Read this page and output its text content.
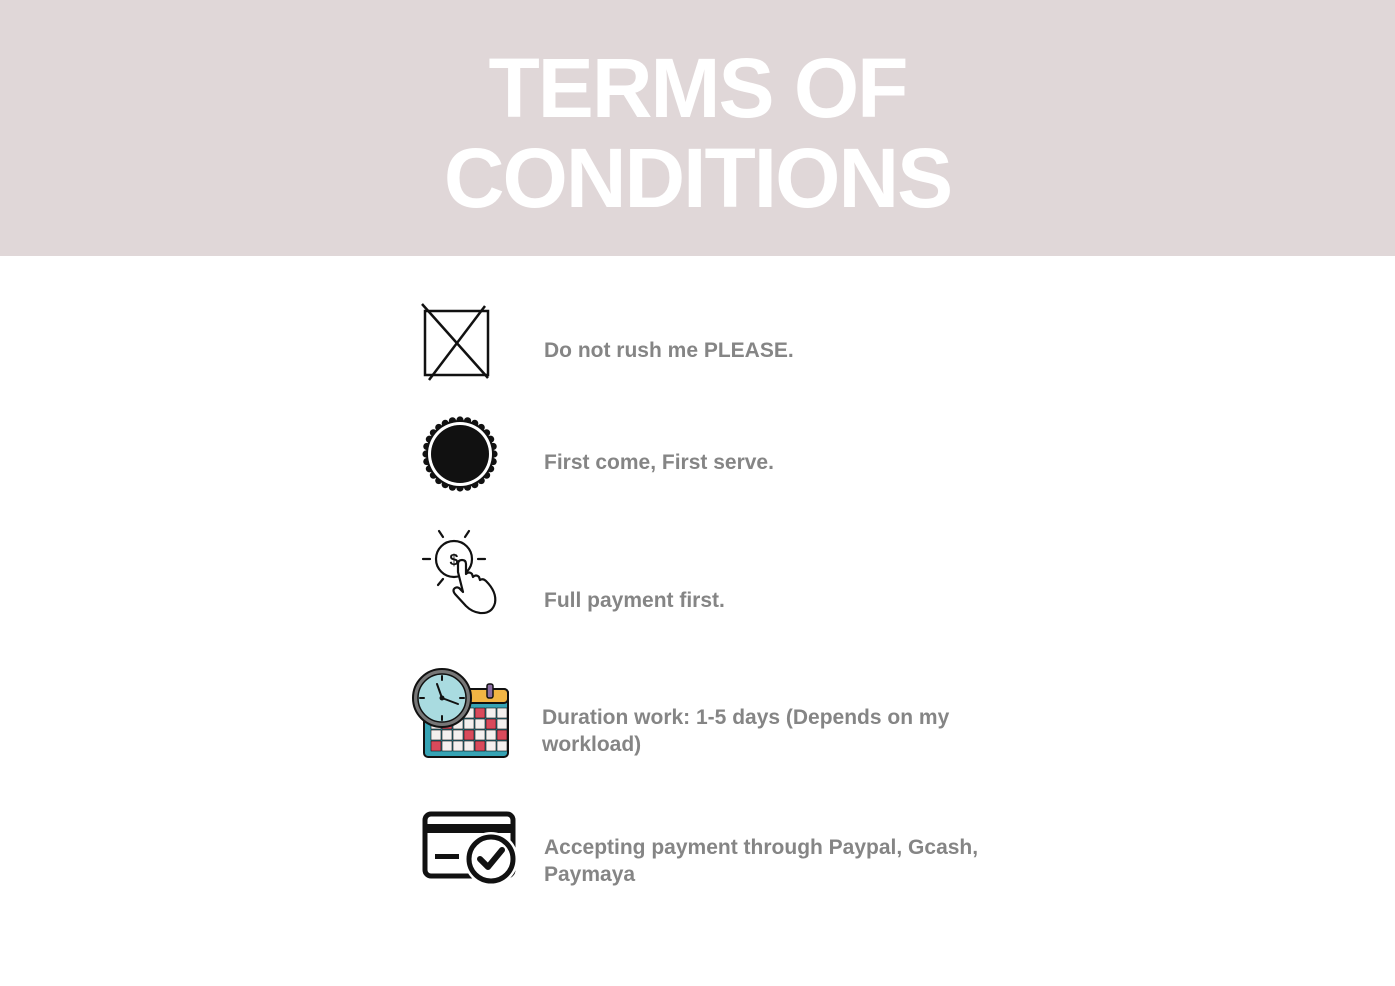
TERMS OF
CONDITIONS

Do not rush me PLEASE.

First come, First serve.

$

Full payment first.

Duration work: 1-5 days (Depends on my
workload)

Accepting payment through Paypal, Gcash,
Paymaya
